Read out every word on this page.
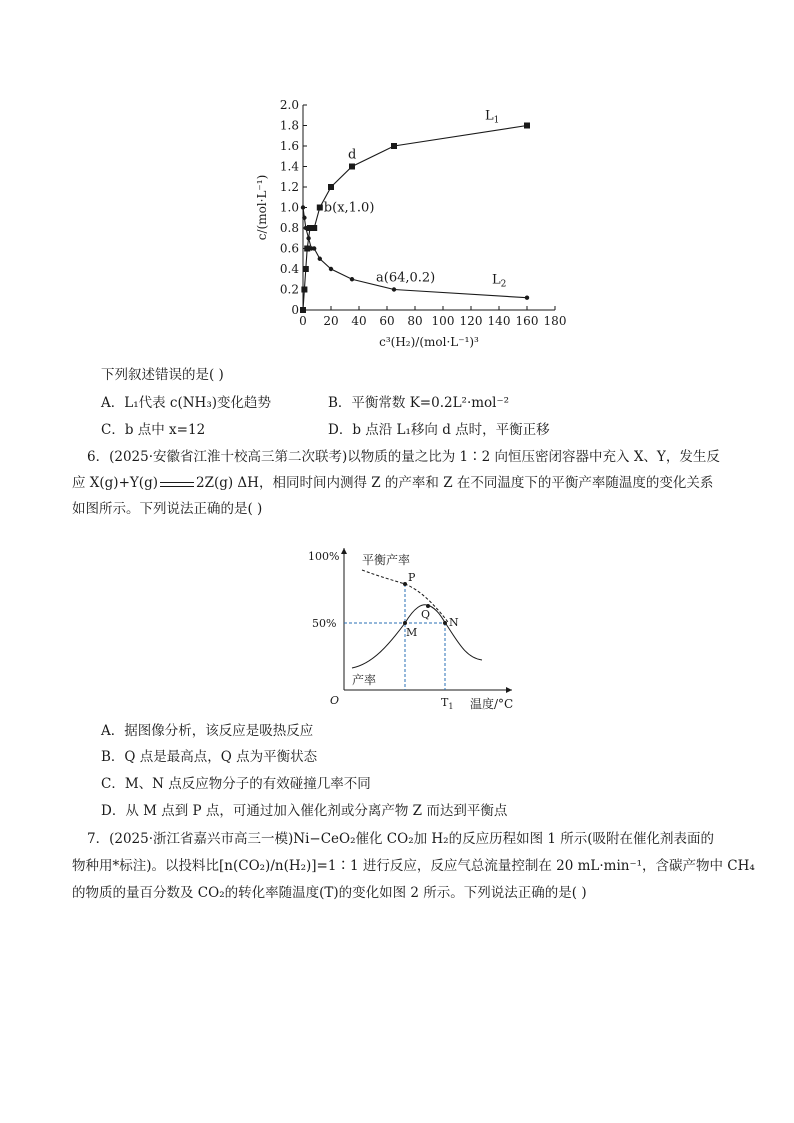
0
0.2
0.4
0.6
0.8
1.0
1.2
1.4
1.6
1.8
2.0
0 20 40 60 80 100 120 140 160 180
c³(H₂)/(mol·L⁻¹)³
c/(mol·L⁻¹)
d
b(x,1.0)
a(64,0.2)
$L_1$
$L_2$
下列叙述错误的是( )
A．L₁代表 c(NH₃)变化趋势	B．平衡常数 K=0.2L²·mol⁻²
C．b 点中 x=12	D．b 点沿 L₁移向 d 点时，平衡正移
6．(2025·安徽省江淮十校高三第二次联考)以物质的量之比为 1∶2 向恒压密闭容器中充入 X、Y，发生反
应 X(g)+Y(g)	2Z(g) ΔH，相同时间内测得 Z 的产率和 Z 在不同温度下的平衡产率随温度的变化关系
如图所示。下列说法正确的是( )
100%
50%
O
平衡产率
产率
温度/°C
$T_1$
P
Q
M
N
A．据图像分析，该反应是吸热反应
B．Q 点是最高点，Q 点为平衡状态
C．M、N 点反应物分子的有效碰撞几率不同
D．从 M 点到 P 点，可通过加入催化剂或分离产物 Z 而达到平衡点
7．(2025·浙江省嘉兴市高三一模)Ni−CeO₂催化 CO₂加 H₂的反应历程如图 1 所示(吸附在催化剂表面的
物种用*标注)。以投料比[n(CO₂)/n(H₂)]=1∶1 进行反应，反应气总流量控制在 20 mL·min⁻¹，含碳产物中 CH₄
的物质的量百分数及 CO₂的转化率随温度(T)的变化如图 2 所示。下列说法正确的是( )
